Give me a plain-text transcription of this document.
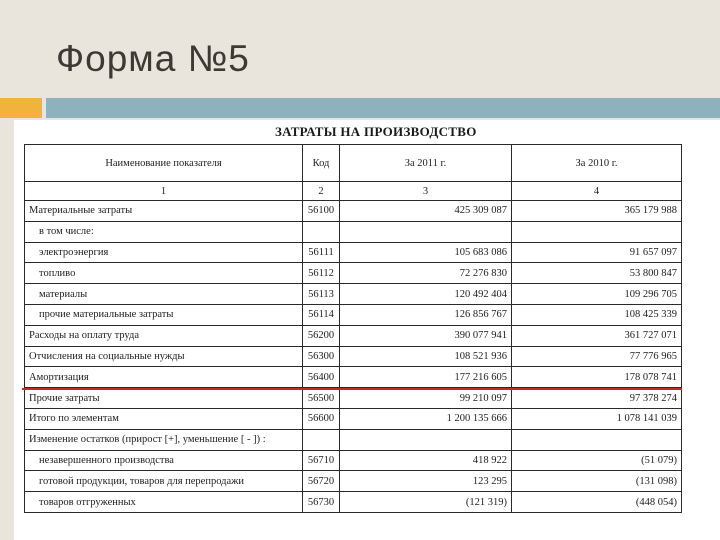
Форма №5
ЗАТРАТЫ НА ПРОИЗВОДСТВО
Наименование показателя	Код	За 2011 г.	За 2010 г.
1	2	3	4
Материальные затраты	56100	425 309 087	365 179 988
в том числе:			
электроэнергия	56111	105 683 086	91 657 097
топливо	56112	72 276 830	53 800 847
материалы	56113	120 492 404	109 296 705
прочие материальные затраты	56114	126 856 767	108 425 339
Расходы на оплату труда	56200	390 077 941	361 727 071
Отчисления на социальные нужды	56300	108 521 936	77 776 965
Амортизация	56400	177 216 605	178 078 741
Прочие затраты	56500	99 210 097	97 378 274
Итого по элементам	56600	1 200 135 666	1 078 141 039
Изменение остатков (прирост [+], уменьшение [ - ]) :			
незавершенного производства	56710	418 922	(51 079)
готовой продукции, товаров для перепродажи	56720	123 295	(131 098)
товаров отгруженных	56730	(121 319)	(448 054)
